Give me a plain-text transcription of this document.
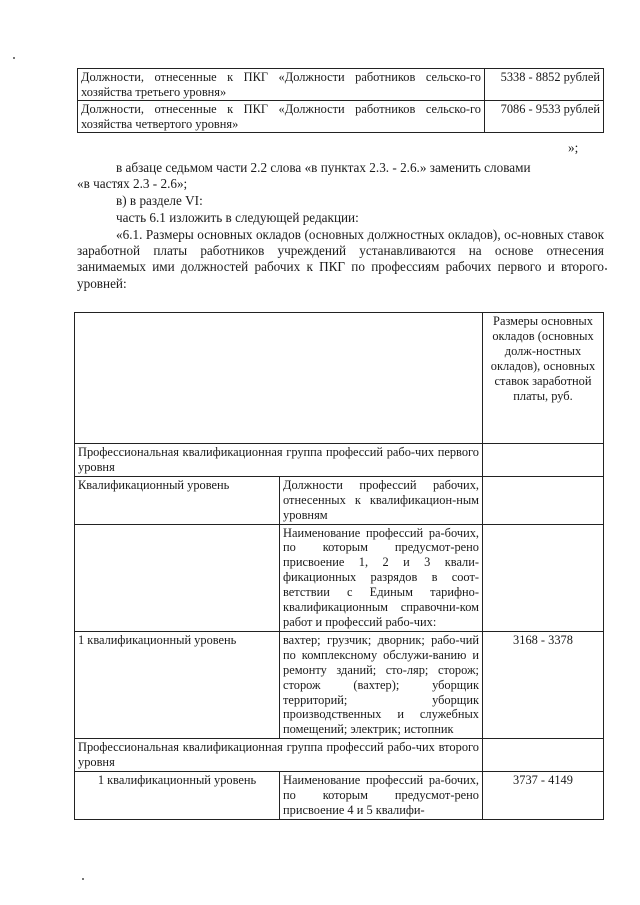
Должности, отнесенные к ПКГ «Должности работников сельско-го хозяйства третьего уровня»	5338 - 8852 рублей
Должности, отнесенные к ПКГ «Должности работников сельско-го хозяйства четвертого уровня»	7086 - 9533 рублей
»;
в абзаце седьмом части 2.2 слова «в пунктах 2.3. - 2.6.» заменить словами
«в частях 2.3 - 2.6»;
в) в разделе VI:
часть 6.1 изложить в следующей редакции:
«6.1. Размеры основных окладов (основных должностных окладов), ос-новных ставок заработной платы работников учреждений устанавливаются на основе отнесения занимаемых ими должностей рабочих к ПКГ по профессиям рабочих первого и второго уровней:
		Размеры основных окладов (основных долж-ностных окладов), основных ставок заработной платы, руб.
Профессиональная квалификационная группа профессий рабо-чих первого уровня		
Квалификационный уровень	Должности профессий рабочих, отнесенных к квалификацион-ным уровням	
	Наименование профессий ра-бочих, по которым предусмот-рено присвоение 1, 2 и 3 квали-фикационных разрядов в соот-ветствии с Единым тарифно-квалификационным справочни-ком работ и профессий рабо-чих:	
1 квалификационный уровень	вахтер; грузчик; дворник; рабо-чий по комплексному обслужи-ванию и ремонту зданий; сто-ляр; сторож; сторож (вахтер); уборщик территорий; уборщик производственных и служебных помещений; электрик; истопник	3168 - 3378
Профессиональная квалификационная группа профессий рабо-чих второго уровня		
1 квалификационный уровень	Наименование профессий ра-бочих, по которым предусмот-рено присвоение 4 и 5 квалифи-	3737 - 4149
